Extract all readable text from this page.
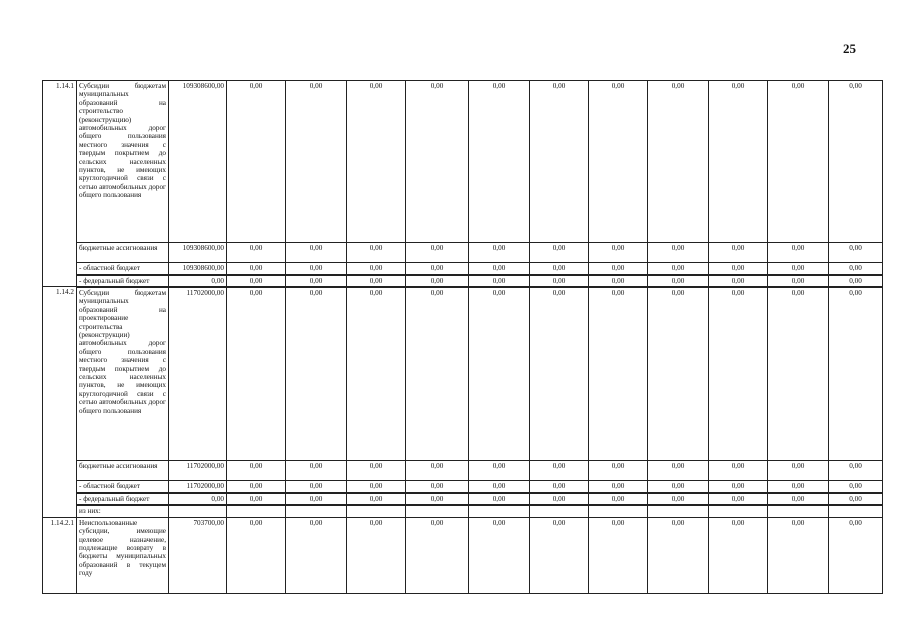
25
1.14.1	Субсидии бюджетам муниципальных образований на строительство (реконструкцию) автомобильных дорог общего пользования местного значения с твердым покрытием до сельских населенных пунктов, не имеющих круглогодичной связи с сетью автомобильных дорог общего пользования	109308600,00	0,00	0,00	0,00	0,00	0,00	0,00	0,00	0,00	0,00	0,00	0,00
	бюджетные ассигнования	109308600,00	0,00	0,00	0,00	0,00	0,00	0,00	0,00	0,00	0,00	0,00	0,00
	- областной бюджет	109308600,00	0,00	0,00	0,00	0,00	0,00	0,00	0,00	0,00	0,00	0,00	0,00
	- федеральный бюджет	0,00	0,00	0,00	0,00	0,00	0,00	0,00	0,00	0,00	0,00	0,00	0,00
1.14.2	Субсидии бюджетам муниципальных образований на проектирование строительства (реконструкции) автомобильных дорог общего пользования местного значения с твердым покрытием до сельских населенных пунктов, не имеющих круглогодичной связи с сетью автомобильных дорог общего пользования	11702000,00	0,00	0,00	0,00	0,00	0,00	0,00	0,00	0,00	0,00	0,00	0,00
	бюджетные ассигнования	11702000,00	0,00	0,00	0,00	0,00	0,00	0,00	0,00	0,00	0,00	0,00	0,00
	- областной бюджет	11702000,00	0,00	0,00	0,00	0,00	0,00	0,00	0,00	0,00	0,00	0,00	0,00
	- федеральный бюджет	0,00	0,00	0,00	0,00	0,00	0,00	0,00	0,00	0,00	0,00	0,00	0,00
	из них:												
1.14.2.1	Неиспользованные субсидии, имеющие целевое назначение, подлежащие возврату в бюджеты муниципальных образований в текущем году	703700,00	0,00	0,00	0,00	0,00	0,00	0,00	0,00	0,00	0,00	0,00	0,00
